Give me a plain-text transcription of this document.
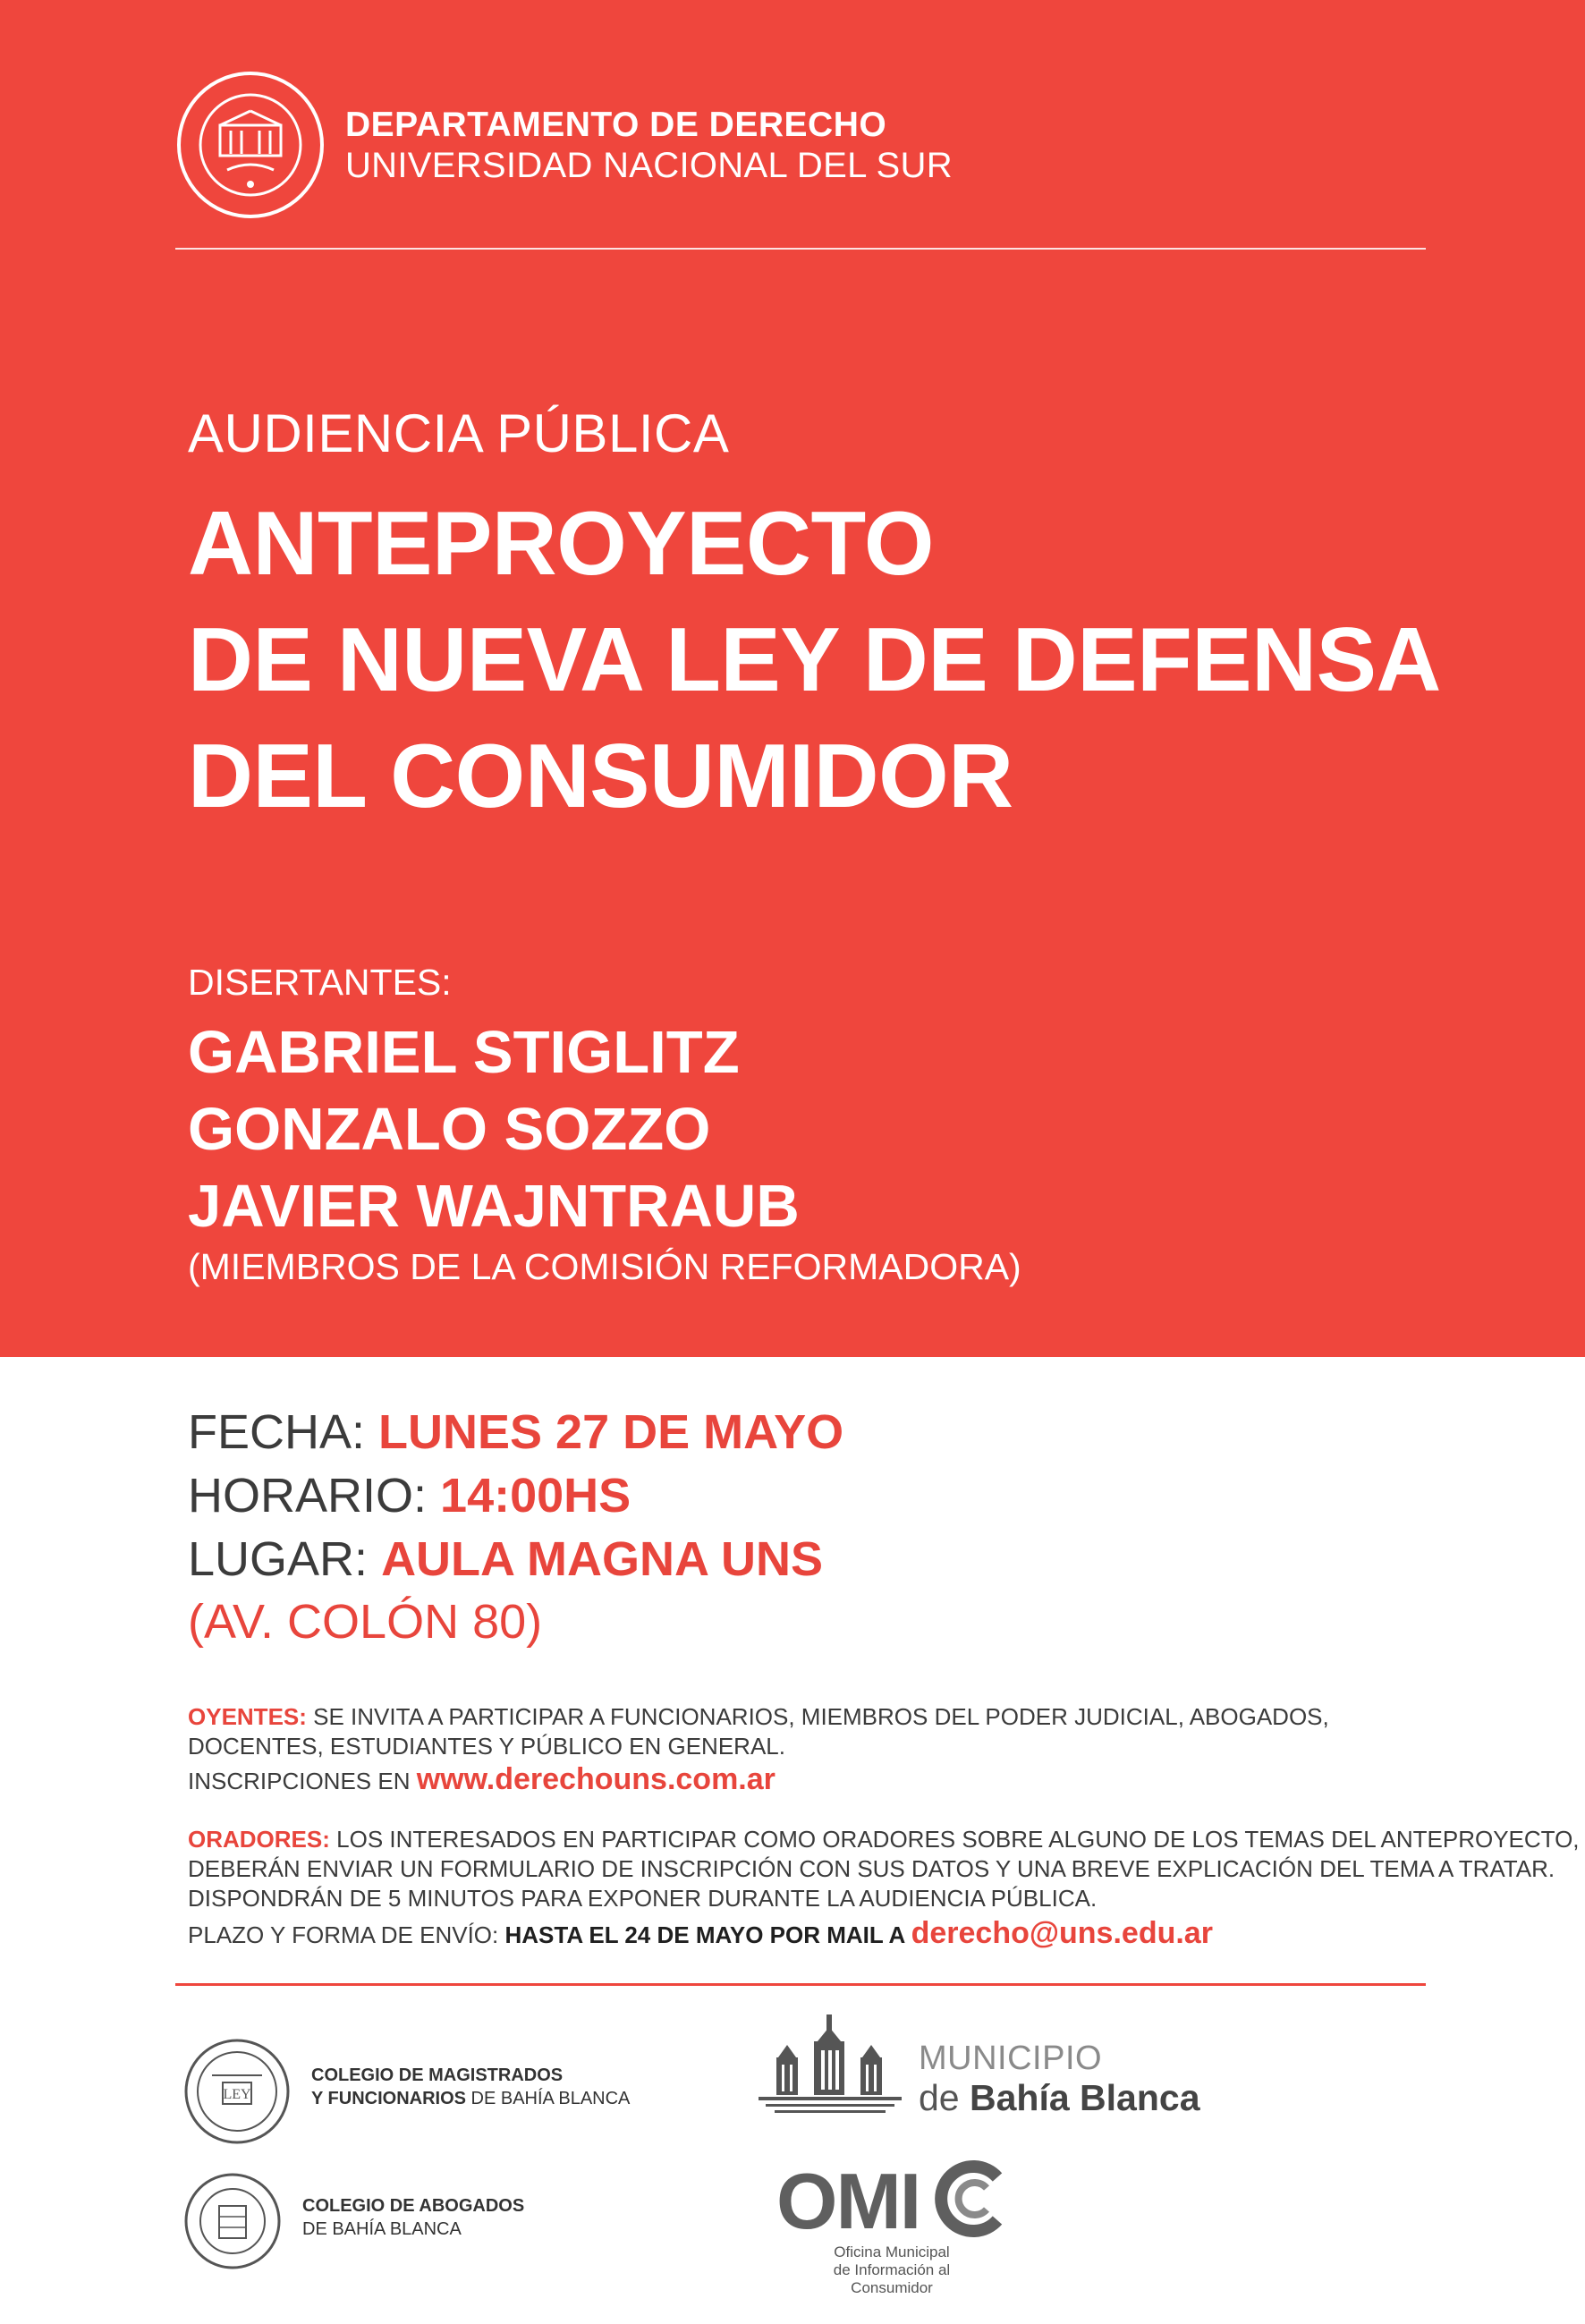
DEPARTAMENTO DE DERECHO
UNIVERSIDAD NACIONAL DEL SUR
AUDIENCIA PÚBLICA
ANTEPROYECTO
DE NUEVA LEY DE DEFENSA
DEL CONSUMIDOR
DISERTANTES:
GABRIEL STIGLITZ
GONZALO SOZZO
JAVIER WAJNTRAUB
(MIEMBROS DE LA COMISIÓN REFORMADORA)
FECHA: LUNES 27 DE MAYO
HORARIO: 14:00HS
LUGAR: AULA MAGNA UNS
(AV. COLÓN 80)
OYENTES: SE INVITA A PARTICIPAR A FUNCIONARIOS, MIEMBROS DEL PODER JUDICIAL, ABOGADOS,
DOCENTES, ESTUDIANTES Y PÚBLICO EN GENERAL.
INSCRIPCIONES EN www.derechouns.com.ar
ORADORES: LOS INTERESADOS EN PARTICIPAR COMO ORADORES SOBRE ALGUNO DE LOS TEMAS DEL ANTEPROYECTO,
DEBERÁN ENVIAR UN FORMULARIO DE INSCRIPCIÓN CON SUS DATOS Y UNA BREVE EXPLICACIÓN DEL TEMA A TRATAR.
DISPONDRÁN DE 5 MINUTOS PARA EXPONER DURANTE LA AUDIENCIA PÚBLICA.
PLAZO Y FORMA DE ENVÍO: HASTA EL 24 DE MAYO POR MAIL A derecho@uns.edu.ar
LEY
COLEGIO DE MAGISTRADOS
Y FUNCIONARIOS DE BAHÍA BLANCA
COLEGIO DE ABOGADOS
DE BAHÍA BLANCA
MUNICIPIO
de Bahía Blanca
OMI
Oficina Municipal
de Información al Consumidor
